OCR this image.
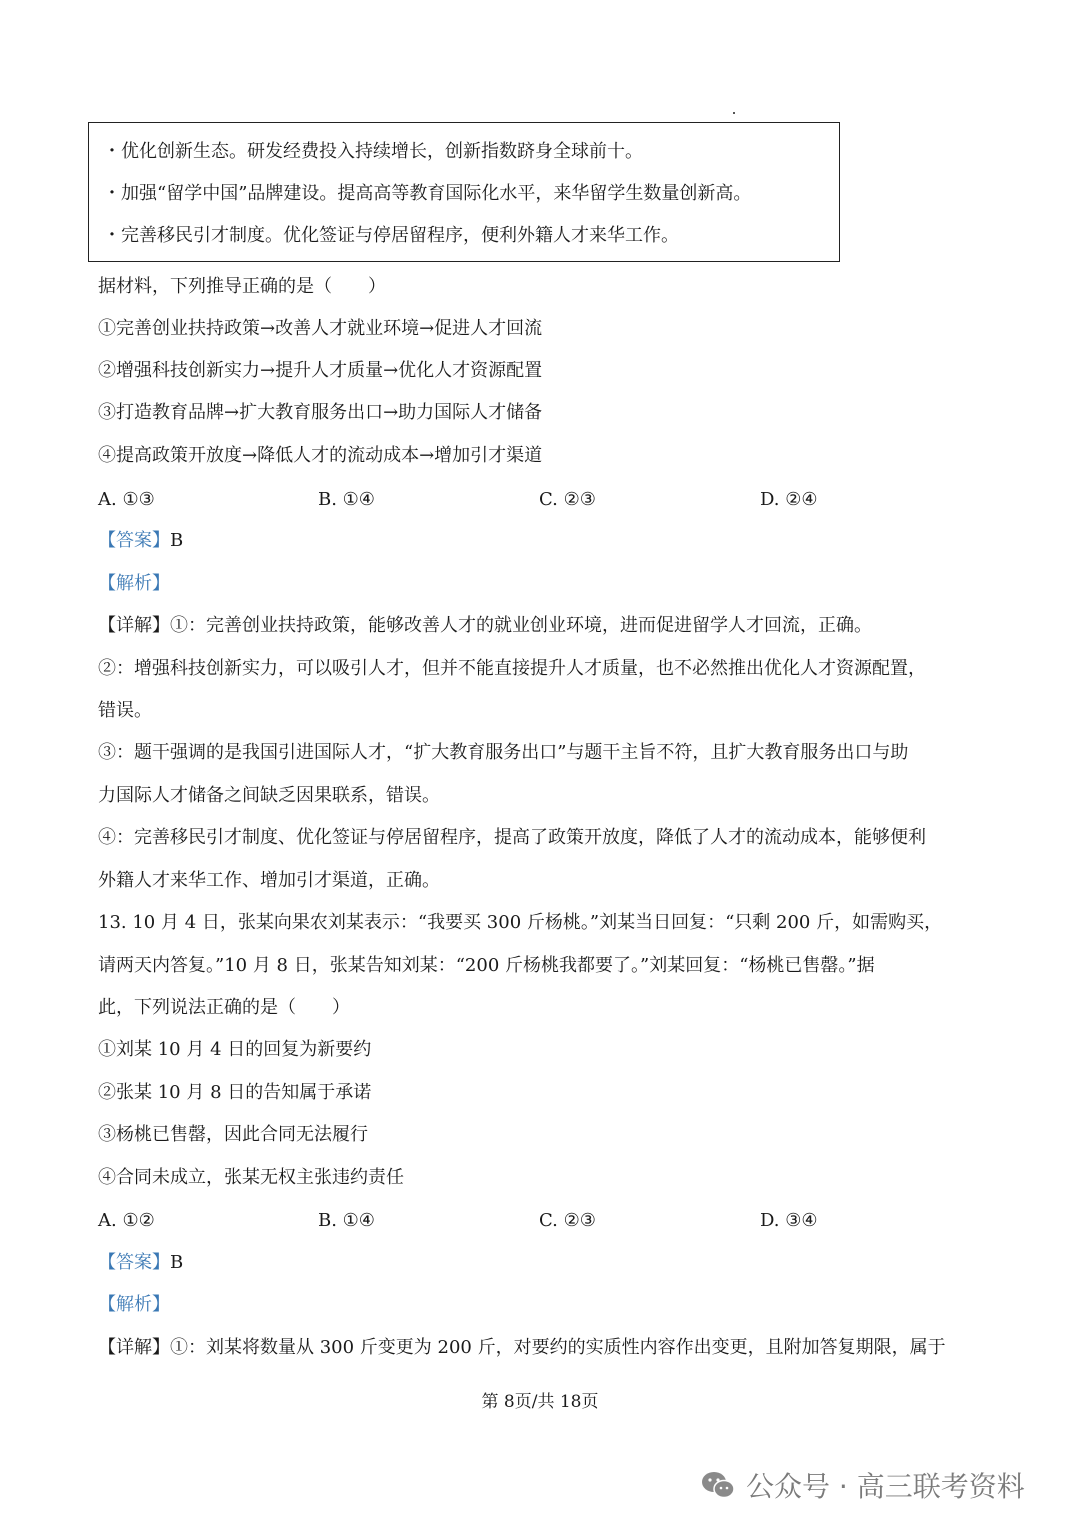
・优化创新生态。研发经费投入持续增长，创新指数跻身全球前十。
・加强“留学中国”品牌建设。提高高等教育国际化水平，来华留学生数量创新高。
・完善移民引才制度。优化签证与停居留程序，便利外籍人才来华工作。
据材料，下列推导正确的是（　　）
①完善创业扶持政策→改善人才就业环境→促进人才回流
②增强科技创新实力→提升人才质量→优化人才资源配置
③打造教育品牌→扩大教育服务出口→助力国际人才储备
④提高政策开放度→降低人才的流动成本→增加引才渠道
A. ①③	B. ①④	C. ②③	D. ②④
【答案】B
【解析】
【详解】①：完善创业扶持政策，能够改善人才的就业创业环境，进而促进留学人才回流，正确。
②：增强科技创新实力，可以吸引人才，但并不能直接提升人才质量，也不必然推出优化人才资源配置，
错误。
③：题干强调的是我国引进国际人才，“扩大教育服务出口”与题干主旨不符，且扩大教育服务出口与助
力国际人才储备之间缺乏因果联系，错误。
④：完善移民引才制度、优化签证与停居留程序，提高了政策开放度，降低了人才的流动成本，能够便利
外籍人才来华工作、增加引才渠道，正确。
13. 10 月 4 日，张某向果农刘某表示：“我要买 300 斤杨桃。”刘某当日回复：“只剩 200 斤，如需购买，
请两天内答复。”10 月 8 日，张某告知刘某：“200 斤杨桃我都要了。”刘某回复：“杨桃已售罄。”据
此，下列说法正确的是（　　）
①刘某 10 月 4 日的回复为新要约
②张某 10 月 8 日的告知属于承诺
③杨桃已售罄，因此合同无法履行
④合同未成立，张某无权主张违约责任
A. ①②	B. ①④	C. ②③	D. ③④
【答案】B
【解析】
【详解】①：刘某将数量从 300 斤变更为 200 斤，对要约的实质性内容作出变更，且附加答复期限，属于
第 8页/共 18页
公众号 · 高三联考资料
